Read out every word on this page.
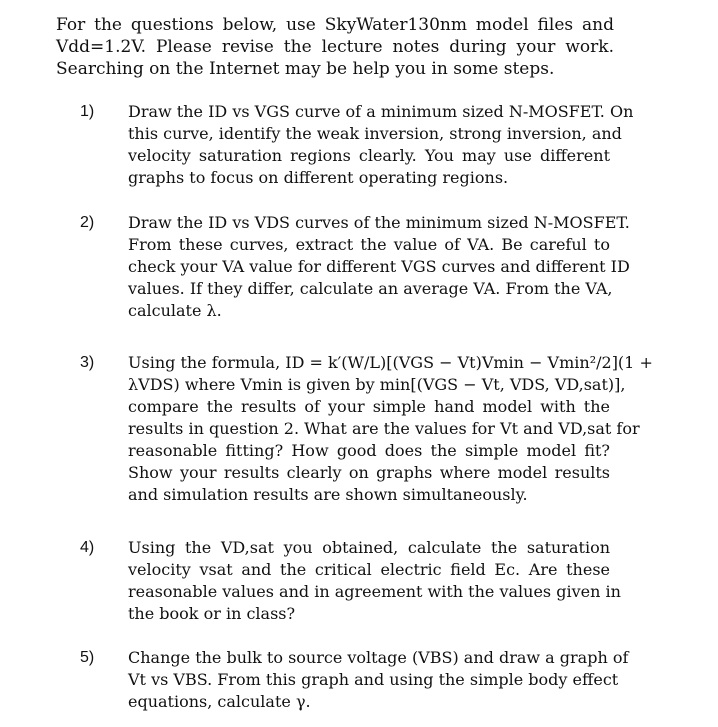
For the questions below, use SkyWater130nm model files and
Vdd=1.2V. Please revise the lecture notes during your work.
Searching on the Internet may be help you in some steps.
1) Draw the ID vs VGS curve of a minimum sized N-MOSFET. On
this curve, identify the weak inversion, strong inversion, and
velocity saturation regions clearly. You may use different
graphs to focus on different operating regions.
2) Draw the ID vs VDS curves of the minimum sized N-MOSFET.
From these curves, extract the value of VA. Be careful to
check your VA value for different VGS curves and different ID
values. If they differ, calculate an average VA. From the VA,
calculate λ.
3) Using the formula, ID = k′(W/L)[(VGS − Vt)Vmin − Vmin²/2](1 +
λVDS) where Vmin is given by min[(VGS − Vt, VDS, VD,sat)],
compare the results of your simple hand model with the
results in question 2. What are the values for Vt and VD,sat for
reasonable fitting? How good does the simple model fit?
Show your results clearly on graphs where model results
and simulation results are shown simultaneously.
4) Using the VD,sat you obtained, calculate the saturation
velocity vsat and the critical electric field Ec. Are these
reasonable values and in agreement with the values given in
the book or in class?
5) Change the bulk to source voltage (VBS) and draw a graph of
Vt vs VBS. From this graph and using the simple body effect
equations, calculate γ.
